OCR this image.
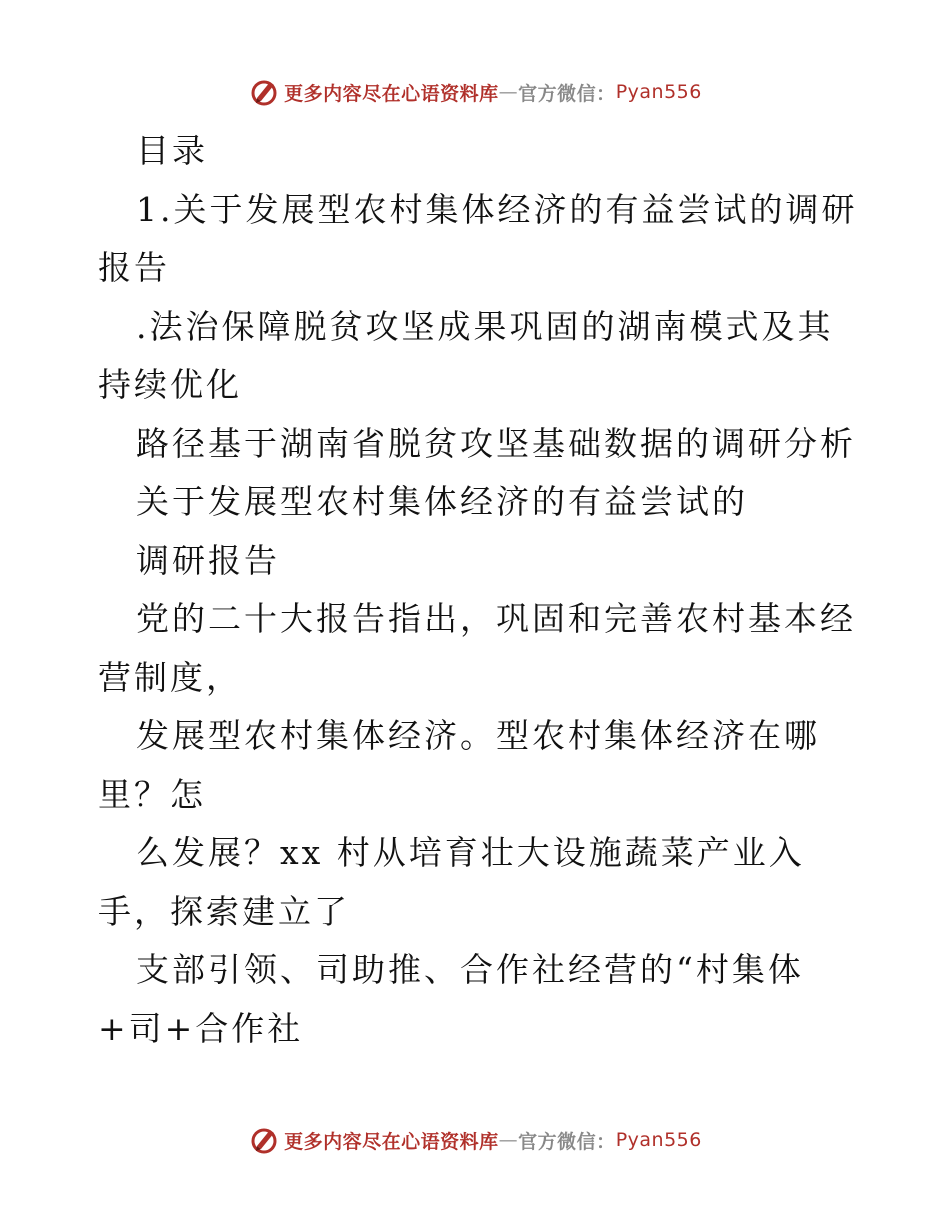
更多内容尽在心语资料库 — 官方微信： Pyan556

目录

1.关于发展型农村集体经济的有益尝试的调研报告

.法治保障脱贫攻坚成果巩固的湖南模式及其持续优化

路径基于湖南省脱贫攻坚基础数据的调研分析

关于发展型农村集体经济的有益尝试的

调研报告

党的二十大报告指出，巩固和完善农村基本经营制度，

发展型农村集体经济。型农村集体经济在哪里？怎

么发展？xx 村从培育壮大设施蔬菜产业入手，探索建立了

支部引领、司助推、合作社经营的“村集体+司+合作社

更多内容尽在心语资料库 — 官方微信： Pyan556
